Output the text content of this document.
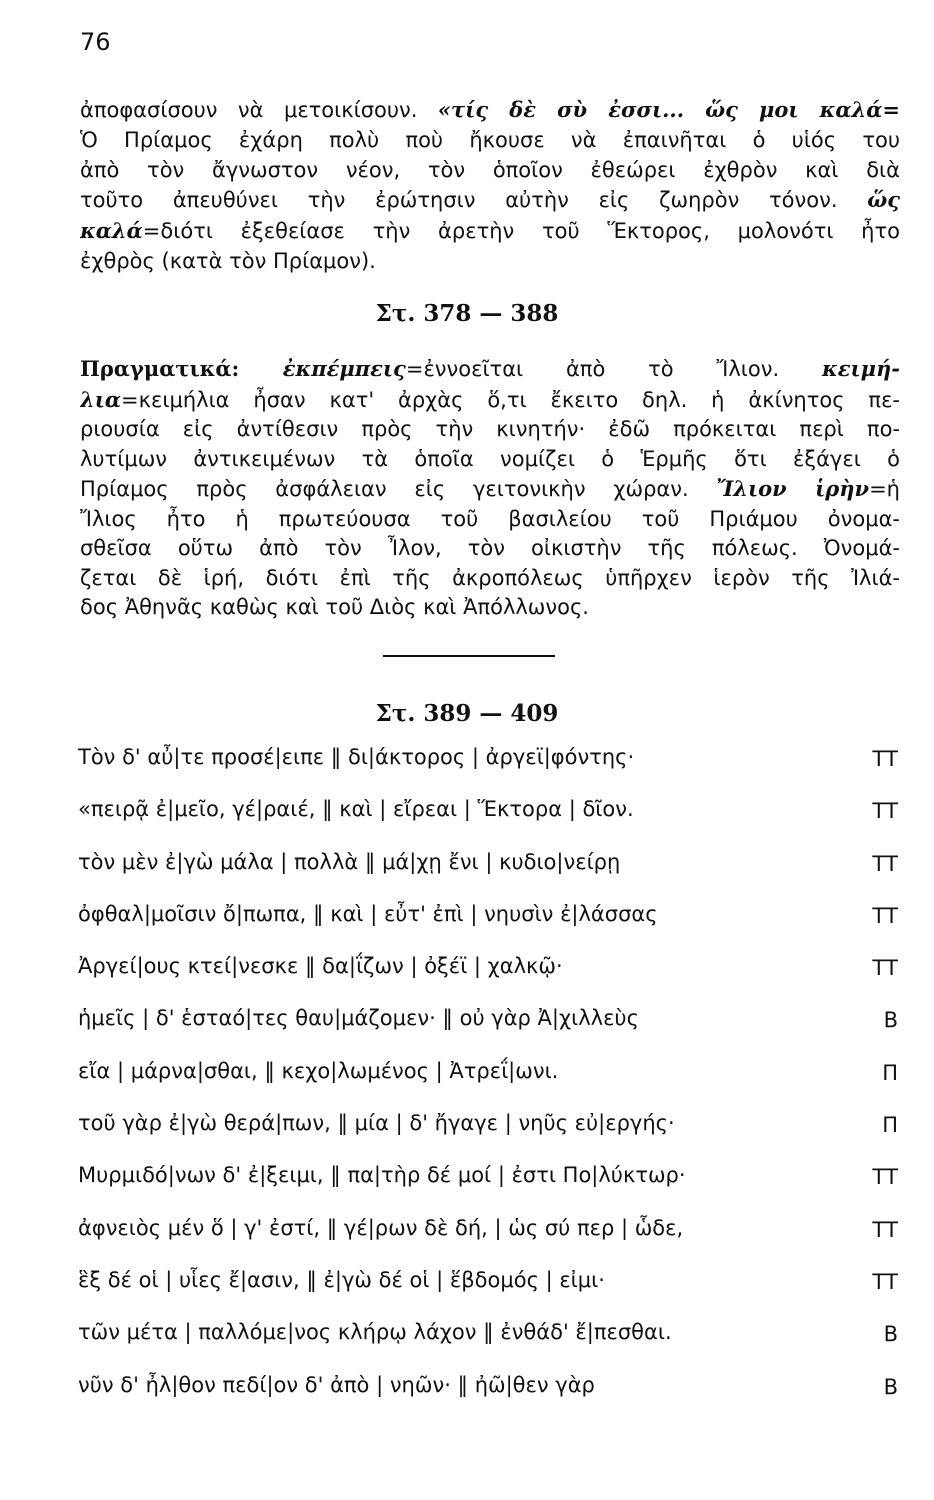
76
ἀποφασίσουν νὰ μετοικίσουν. «τίς δὲ σὺ ἐσσι... ὥς μοι καλά=
Ὁ Πρίαμος ἐχάρη πολὺ ποὺ ἤκουσε νὰ ἐπαινῆται ὁ υἱός του
ἀπὸ τὸν ἄγνωστον νέον, τὸν ὁποῖον ἐθεώρει ἐχθρὸν καὶ διὰ
τοῦτο ἀπευθύνει τὴν ἐρώτησιν αὐτὴν εἰς ζωηρὸν τόνον. ὥς
καλά=διότι ἐξεθείασε τὴν ἀρετὴν τοῦ Ἕκτορος, μολονότι ἦτο
ἐχθρὸς (κατὰ τὸν Πρίαμον).
Στ. 378 — 388
Πραγματικά: ἐκπέμπεις=ἐννοεῖται ἀπὸ τὸ Ἴλιον. κειμή-
λια=κειμήλια ἦσαν κατ' ἀρχὰς ὅ,τι ἔκειτο δηλ. ἡ ἀκίνητος πε-
ριουσία εἰς ἀντίθεσιν πρὸς τὴν κινητήν· ἐδῶ πρόκειται περὶ πο-
λυτίμων ἀντικειμένων τὰ ὁποῖα νομίζει ὁ Ἑρμῆς ὅτι ἐξάγει ὁ
Πρίαμος πρὸς ἀσφάλειαν εἰς γειτονικὴν χώραν. Ἴλιον ἱρὴν=ἡ
Ἴλιος ἦτο ἡ πρωτεύουσα τοῦ βασιλείου τοῦ Πριάμου ὀνομα-
σθεῖσα οὕτω ἀπὸ τὸν Ἶλον, τὸν οἰκιστὴν τῆς πόλεως. Ὀνομά-
ζεται δὲ ἱρή, διότι ἐπὶ τῆς ἀκροπόλεως ὑπῆρχεν ἱερὸν τῆς Ἰλιά-
δος Ἀθηνᾶς καθὼς καὶ τοῦ Διὸς καὶ Ἀπόλλωνος.
Στ. 389 — 409
Τὸν δ' αὖ|τε προσέ|ειπε ‖ δι|άκτορος | ἀργεϊ|φόντης·	ΤΤ
«πειρᾷ ἐ|μεῖο, γέ|ραιέ, ‖ καὶ | εἴρεαι | Ἕκτορα | δῖον.	ΤΤ
τὸν μὲν ἐ|γὼ μάλα | πολλὰ ‖ μά|χῃ ἔνι | κυδιο|νείρῃ	ΤΤ
ὀφθαλ|μοῖσιν ὄ|πωπα, ‖ καὶ | εὖτ' ἐπὶ | νηυσὶν ἐ|λάσσας	ΤΤ
Ἀργεί|ους κτεί|νεσκε ‖ δα|ΐζων | ὀξέϊ | χαλκῷ·	ΤΤ
ἡμεῖς | δ' ἑσταό|τες θαυ|μάζομεν· ‖ οὐ γὰρ Ἀ|χιλλεὺς	Β
εἴα | μάρνα|σθαι, ‖ κεχο|λωμένος | Ἀτρεΐ|ωνι.	Π
τοῦ γὰρ ἐ|γὼ θερά|πων, ‖ μία | δ' ἤγαγε | νηῦς εὐ|εργής·	Π
Μυρμιδό|νων δ' ἐ|ξειμι, ‖ πα|τὴρ δέ μοί | ἐστι Πο|λύκτωρ·	ΤΤ
ἀφνειὸς μέν ὅ | γ' ἐστί, ‖ γέ|ρων δὲ δή, | ὡς σύ περ | ὧδε,	ΤΤ
ἓξ δέ οἱ | υἷες ἔ|ασιν, ‖ ἐ|γὼ δέ οἱ | ἕβδομός | εἰμι·	ΤΤ
τῶν μέτα | παλλόμε|νος κλήρῳ λάχον ‖ ἐνθάδ' ἔ|πεσθαι.	Β
νῦν δ' ἦλ|θον πεδί|ον δ' ἀπὸ | νηῶν· ‖ ἠῶ|θεν γὰρ	Β
